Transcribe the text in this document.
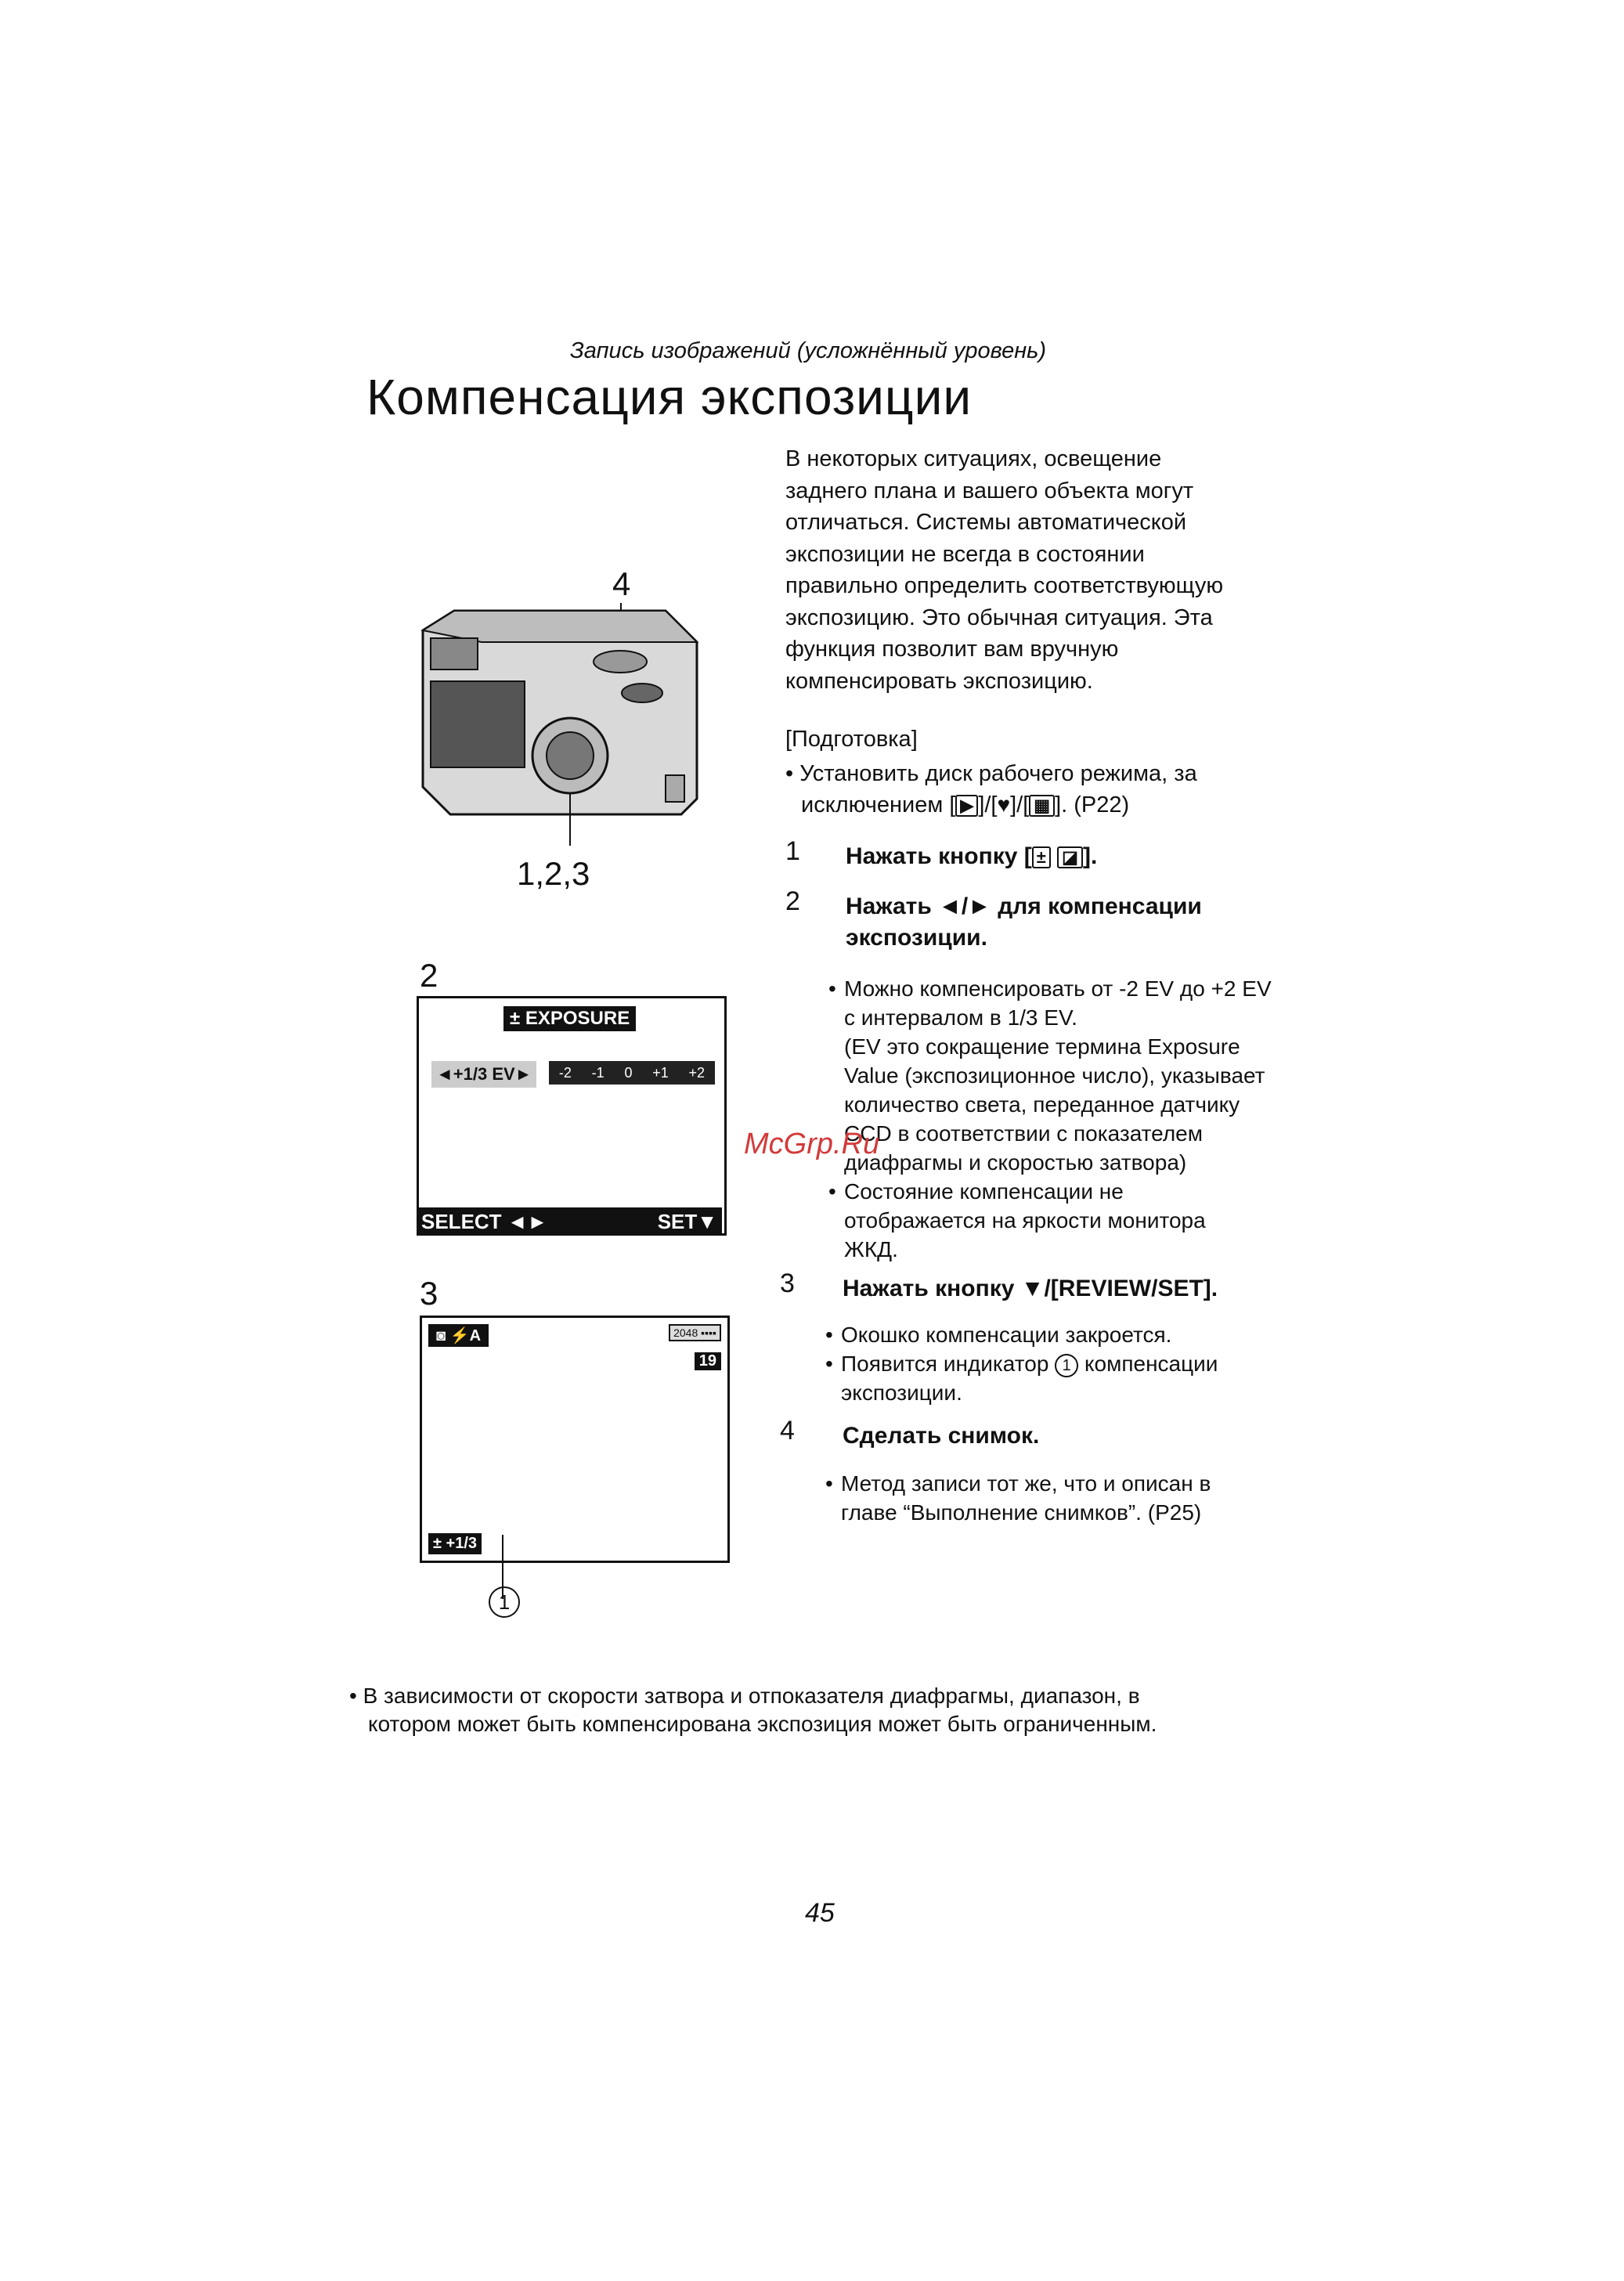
Запись изображений (усложнённый уровень)
Компенсация экспозиции
В некоторых ситуациях, освещение
заднего плана и вашего объекта могут
отличаться. Системы автоматической
экспозиции не всегда в состоянии
правильно определить соответствующую
экспозицию. Это обычная ситуация. Эта
функция позволит вам вручную
компенсировать экспозицию.
[Подготовка]
• Установить диск рабочего режима, за
исключением [ ▶ ]/[♥]/[ ▦ ]. (P22)
4
1,2,3
2
± EXPOSURE
◄+1/3 EV►	-2 -1 0 +1 +2
SELECT ◄►	SET▼
3
◙ ⚡A	2048 ▪▪▪▪
19
± +1/3
1
1 Нажать кнопку [ ± ◪ ].
2 Нажать ◄/► для компенсации
экспозиции.
• Можно компенсировать от -2 EV до +2 EV
с интервалом в 1/3 EV.
(EV это сокращение термина Exposure
Value (экспозиционное число), указывает
количество света, переданное датчику
CCD в соответствии с показателем
диафрагмы и скоростью затвора)
• Состояние компенсации не
отображается на яркости монитора
ЖКД.
McGrp.Ru
3 Нажать кнопку ▼/[REVIEW/SET].
• Окошко компенсации закроется.
• Появится индикатор 1 компенсации
экспозиции.
4 Сделать снимок.
• Метод записи тот же, что и описан в
главе “Выполнение снимков”. (P25)
• В зависимости от скорости затвора и отпоказателя диафрагмы, диапазон, в
котором может быть компенсирована экспозиция может быть ограниченным.
45
